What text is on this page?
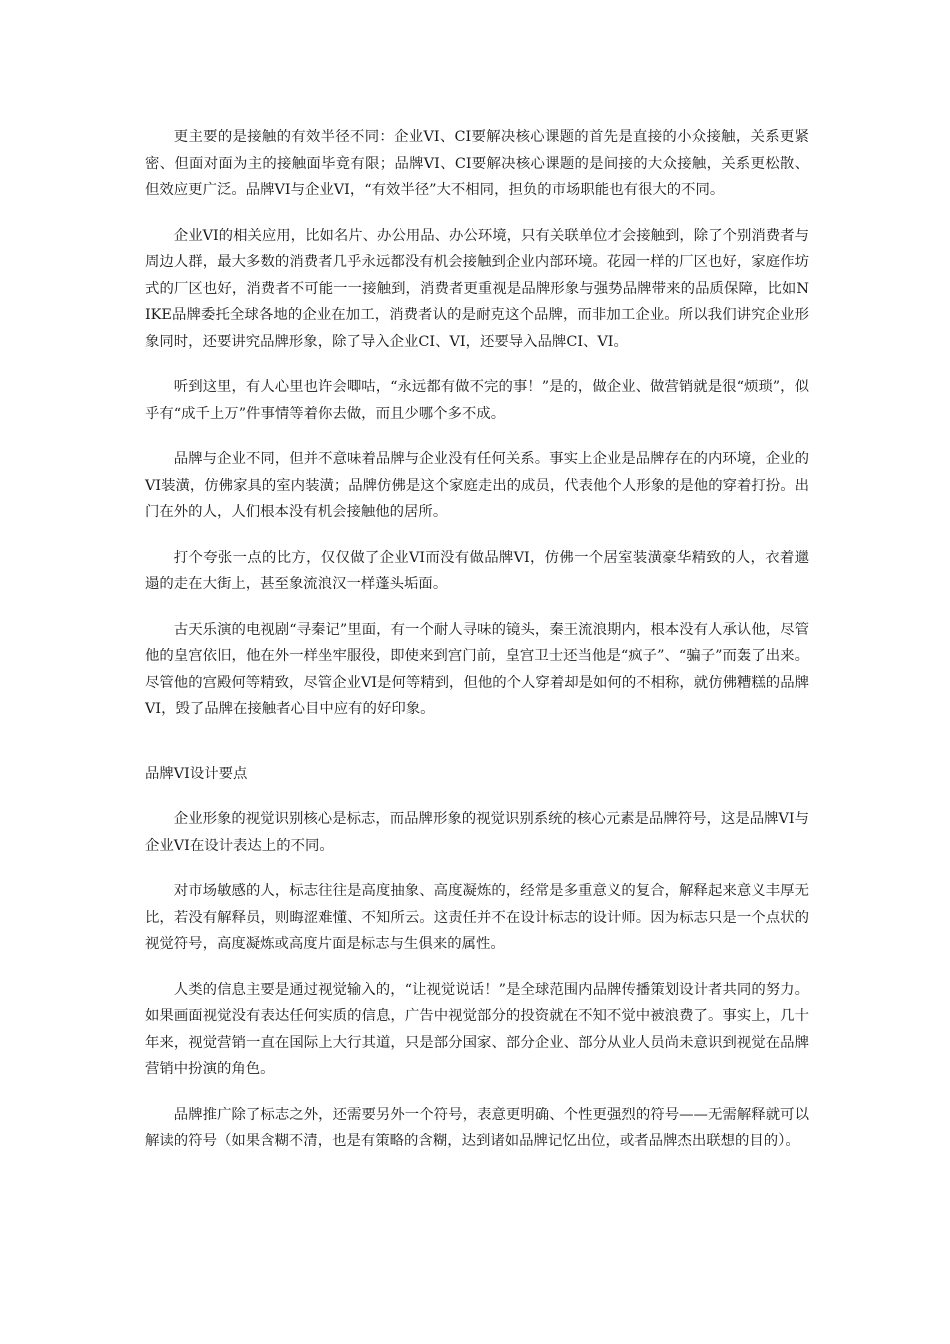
更主要的是接触的有效半径不同：企业VI、CI要解决核心课题的首先是直接的小众接触，关系更紧密、但面对面为主的接触面毕竟有限；品牌VI、CI要解决核心课题的是间接的大众接触，关系更松散、但效应更广泛。品牌VI与企业VI，“有效半径”大不相同，担负的市场职能也有很大的不同。

企业VI的相关应用，比如名片、办公用品、办公环境，只有关联单位才会接触到，除了个别消费者与周边人群，最大多数的消费者几乎永远都没有机会接触到企业内部环境。花园一样的厂区也好，家庭作坊式的厂区也好，消费者不可能一一接触到，消费者更重视是品牌形象与强势品牌带来的品质保障，比如NIKE品牌委托全球各地的企业在加工，消费者认的是耐克这个品牌，而非加工企业。所以我们讲究企业形象同时，还要讲究品牌形象，除了导入企业CI、VI，还要导入品牌CI、VI。

听到这里，有人心里也许会唧咕，“永远都有做不完的事！”是的，做企业、做营销就是很“烦琐”，似乎有“成千上万”件事情等着你去做，而且少哪个多不成。

品牌与企业不同，但并不意味着品牌与企业没有任何关系。事实上企业是品牌存在的内环境，企业的VI装潢，仿佛家具的室内装潢；品牌仿佛是这个家庭走出的成员，代表他个人形象的是他的穿着打扮。出门在外的人，人们根本没有机会接触他的居所。

打个夸张一点的比方，仅仅做了企业VI而没有做品牌VI，仿佛一个居室装潢豪华精致的人，衣着邋遢的走在大街上，甚至象流浪汉一样蓬头垢面。

古天乐演的电视剧“寻秦记”里面，有一个耐人寻味的镜头，秦王流浪期内，根本没有人承认他，尽管他的皇宫依旧，他在外一样坐牢服役，即使来到宫门前，皇宫卫士还当他是“疯子”、“骗子”而轰了出来。尽管他的宫殿何等精致，尽管企业VI是何等精到，但他的个人穿着却是如何的不相称，就仿佛糟糕的品牌VI，毁了品牌在接触者心目中应有的好印象。

品牌VI设计要点

企业形象的视觉识别核心是标志，而品牌形象的视觉识别系统的核心元素是品牌符号，这是品牌VI与企业VI在设计表达上的不同。

对市场敏感的人，标志往往是高度抽象、高度凝炼的，经常是多重意义的复合，解释起来意义丰厚无比，若没有解释员，则晦涩难懂、不知所云。这责任并不在设计标志的设计师。因为标志只是一个点状的视觉符号，高度凝炼或高度片面是标志与生俱来的属性。

人类的信息主要是通过视觉输入的，“让视觉说话！”是全球范围内品牌传播策划设计者共同的努力。如果画面视觉没有表达任何实质的信息，广告中视觉部分的投资就在不知不觉中被浪费了。事实上，几十年来，视觉营销一直在国际上大行其道，只是部分国家、部分企业、部分从业人员尚未意识到视觉在品牌营销中扮演的角色。

品牌推广除了标志之外，还需要另外一个符号，表意更明确、个性更强烈的符号——无需解释就可以解读的符号（如果含糊不清，也是有策略的含糊，达到诸如品牌记忆出位，或者品牌杰出联想的目的）。
